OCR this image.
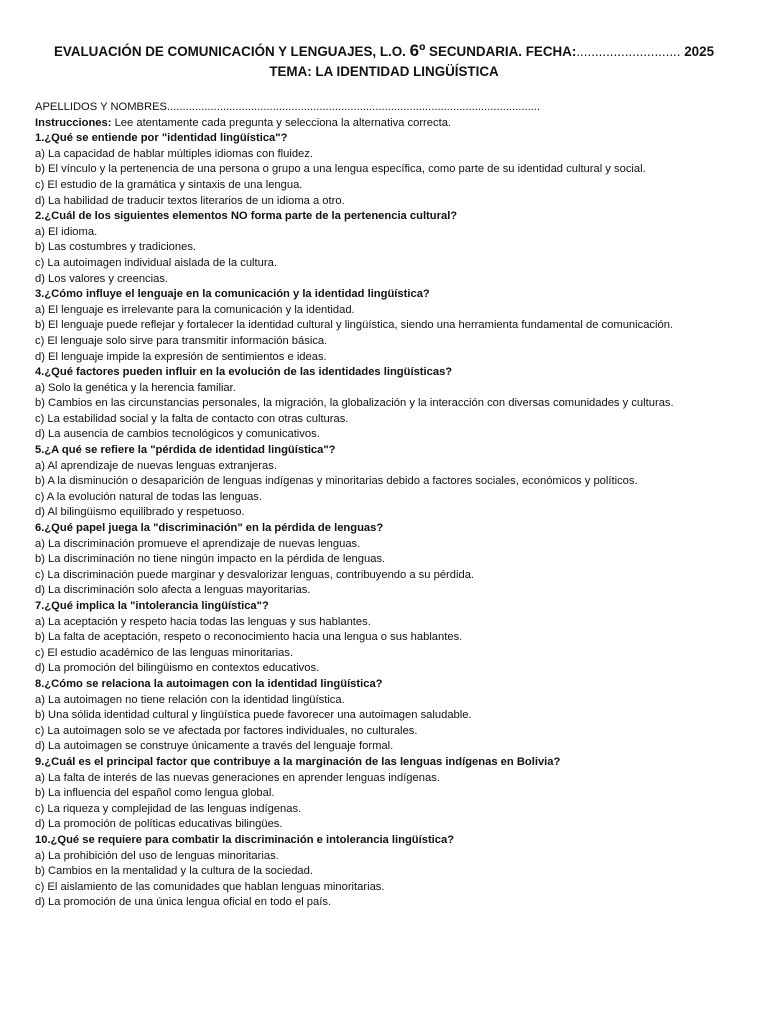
EVALUACIÓN DE COMUNICACIÓN Y LENGUAJES, L.O. 6º SECUNDARIA. FECHA:............................ 2025
TEMA: LA IDENTIDAD LINGÜÍSTICA
APELLIDOS Y NOMBRES........................................................................................................................
Instrucciones: Lee atentamente cada pregunta y selecciona la alternativa correcta.
1.¿Qué se entiende por "identidad lingüística"?
a) La capacidad de hablar múltiples idiomas con fluidez.
b) El vínculo y la pertenencia de una persona o grupo a una lengua específica, como parte de su identidad cultural y social.
c) El estudio de la gramática y sintaxis de una lengua.
d) La habilidad de traducir textos literarios de un idioma a otro.
2.¿Cuál de los siguientes elementos NO forma parte de la pertenencia cultural?
a) El idioma.
b) Las costumbres y tradiciones.
c) La autoimagen individual aislada de la cultura.
d) Los valores y creencias.
3.¿Cómo influye el lenguaje en la comunicación y la identidad lingüística?
a) El lenguaje es irrelevante para la comunicación y la identidad.
b) El lenguaje puede reflejar y fortalecer la identidad cultural y lingüística, siendo una herramienta fundamental de comunicación.
c) El lenguaje solo sirve para transmitir información básica.
d) El lenguaje impide la expresión de sentimientos e ideas.
4.¿Qué factores pueden influir en la evolución de las identidades lingüísticas?
a) Solo la genética y la herencia familiar.
b) Cambios en las circunstancias personales, la migración, la globalización y la interacción con diversas comunidades y culturas.
c) La estabilidad social y la falta de contacto con otras culturas.
d) La ausencia de cambios tecnológicos y comunicativos.
5.¿A qué se refiere la "pérdida de identidad lingüística"?
a) Al aprendizaje de nuevas lenguas extranjeras.
b) A la disminución o desaparición de lenguas indígenas y minoritarias debido a factores sociales, económicos y políticos.
c) A la evolución natural de todas las lenguas.
d) Al bilingüismo equilibrado y respetuoso.
6.¿Qué papel juega la "discriminación" en la pérdida de lenguas?
a) La discriminación promueve el aprendizaje de nuevas lenguas.
b) La discriminación no tiene ningún impacto en la pérdida de lenguas.
c) La discriminación puede marginar y desvalorizar lenguas, contribuyendo a su pérdida.
d) La discriminación solo afecta a lenguas mayoritarias.
7.¿Qué implica la "intolerancia lingüística"?
a) La aceptación y respeto hacia todas las lenguas y sus hablantes.
b) La falta de aceptación, respeto o reconocimiento hacia una lengua o sus hablantes.
c) El estudio académico de las lenguas minoritarias.
d) La promoción del bilingüismo en contextos educativos.
8.¿Cómo se relaciona la autoimagen con la identidad lingüística?
a) La autoimagen no tiene relación con la identidad lingüística.
b) Una sólida identidad cultural y lingüística puede favorecer una autoimagen saludable.
c) La autoimagen solo se ve afectada por factores individuales, no culturales.
d) La autoimagen se construye únicamente a través del lenguaje formal.
9.¿Cuál es el principal factor que contribuye a la marginación de las lenguas indígenas en Bolivia?
a) La falta de interés de las nuevas generaciones en aprender lenguas indígenas.
b) La influencia del español como lengua global.
c) La riqueza y complejidad de las lenguas indígenas.
d) La promoción de políticas educativas bilingües.
10.¿Qué se requiere para combatir la discriminación e intolerancia lingüística?
a) La prohibición del uso de lenguas minoritarias.
b) Cambios en la mentalidad y la cultura de la sociedad.
c) El aislamiento de las comunidades que hablan lenguas minoritarias.
d) La promoción de una única lengua oficial en todo el país.
